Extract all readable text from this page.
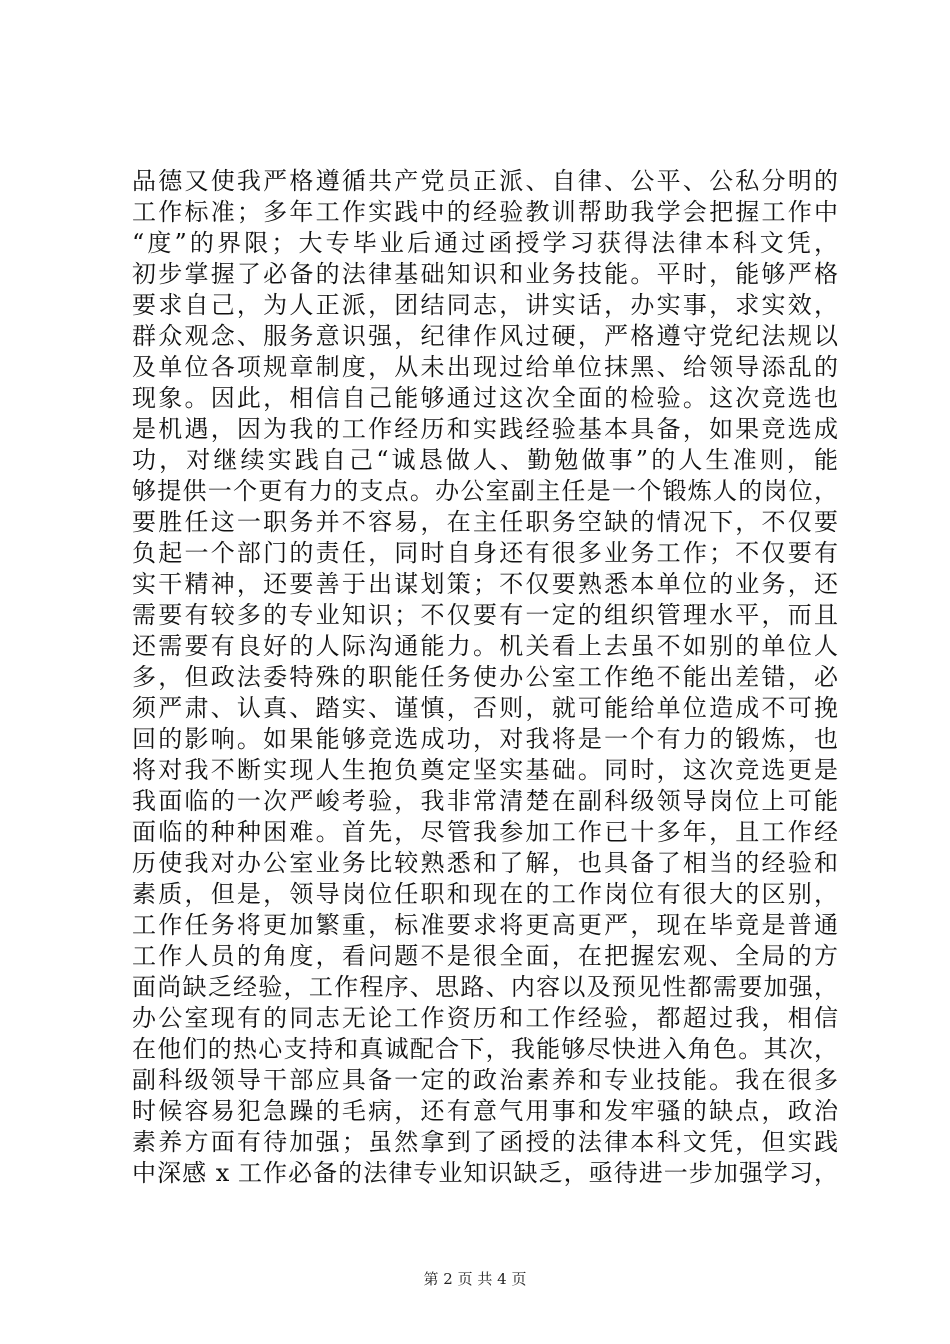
品德又使我严格遵循共产党员正派、自律、公平、公私分明的
工作标准；多年工作实践中的经验教训帮助我学会把握工作中
“度”的界限；大专毕业后通过函授学习获得法律本科文凭，
初步掌握了必备的法律基础知识和业务技能。平时，能够严格
要求自己，为人正派，团结同志，讲实话，办实事，求实效，
群众观念、服务意识强，纪律作风过硬，严格遵守党纪法规以
及单位各项规章制度，从未出现过给单位抹黑、给领导添乱的
现象。因此，相信自己能够通过这次全面的检验。这次竞选也
是机遇，因为我的工作经历和实践经验基本具备，如果竞选成
功，对继续实践自己“诚恳做人、勤勉做事”的人生准则，能
够提供一个更有力的支点。办公室副主任是一个锻炼人的岗位，
要胜任这一职务并不容易，在主任职务空缺的情况下，不仅要
负起一个部门的责任，同时自身还有很多业务工作；不仅要有
实干精神，还要善于出谋划策；不仅要熟悉本单位的业务，还
需要有较多的专业知识；不仅要有一定的组织管理水平，而且
还需要有良好的人际沟通能力。机关看上去虽不如别的单位人
多，但政法委特殊的职能任务使办公室工作绝不能出差错，必
须严肃、认真、踏实、谨慎，否则，就可能给单位造成不可挽
回的影响。如果能够竞选成功，对我将是一个有力的锻炼，也
将对我不断实现人生抱负奠定坚实基础。同时，这次竞选更是
我面临的一次严峻考验，我非常清楚在副科级领导岗位上可能
面临的种种困难。首先，尽管我参加工作已十多年，且工作经
历使我对办公室业务比较熟悉和了解，也具备了相当的经验和
素质，但是，领导岗位任职和现在的工作岗位有很大的区别，
工作任务将更加繁重，标准要求将更高更严，现在毕竟是普通
工作人员的角度，看问题不是很全面，在把握宏观、全局的方
面尚缺乏经验，工作程序、思路、内容以及预见性都需要加强，
办公室现有的同志无论工作资历和工作经验，都超过我，相信
在他们的热心支持和真诚配合下，我能够尽快进入角色。其次，
副科级领导干部应具备一定的政治素养和专业技能。我在很多
时候容易犯急躁的毛病，还有意气用事和发牢骚的缺点，政治
素养方面有待加强；虽然拿到了函授的法律本科文凭，但实践
中深感 x 工作必备的法律专业知识缺乏，亟待进一步加强学习，
第 2 页 共 4 页
